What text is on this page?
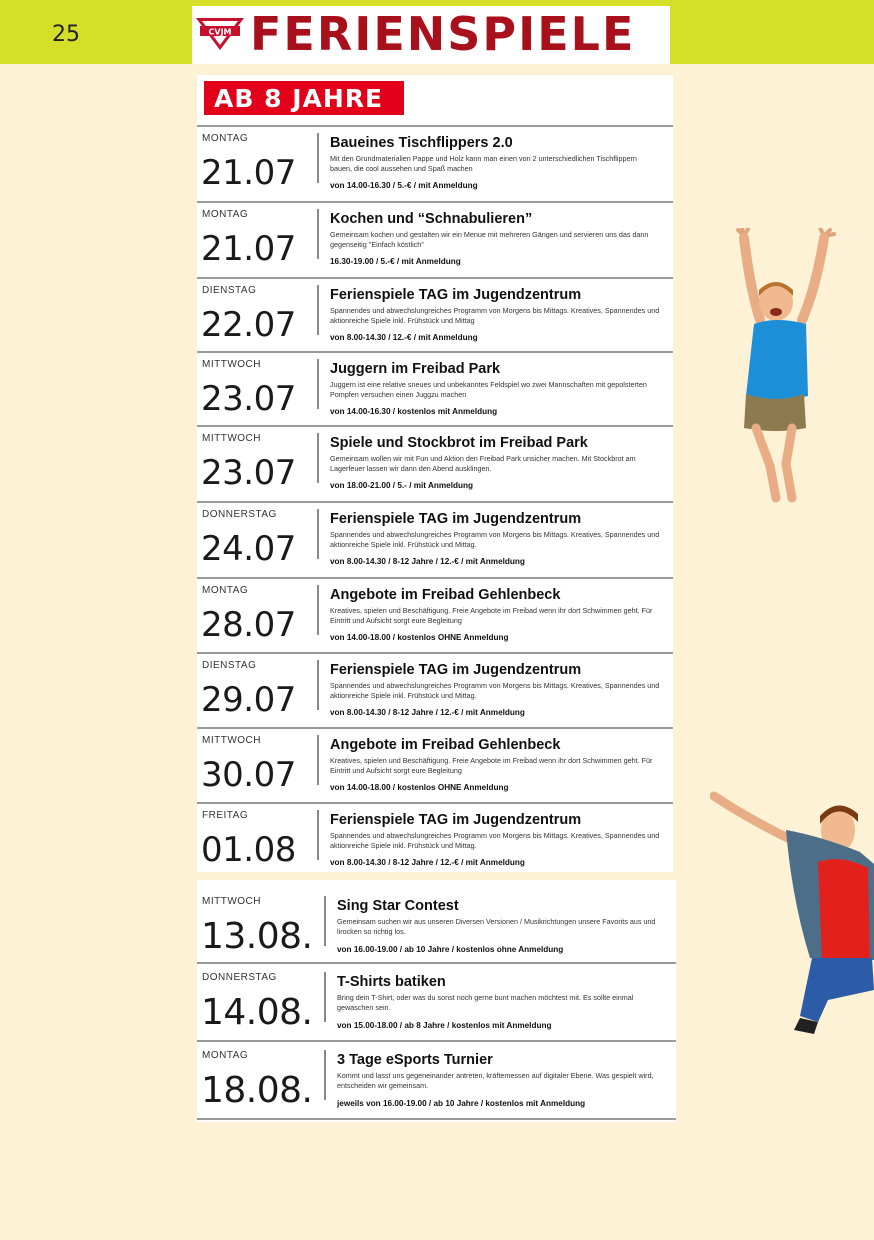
25	CVJM FERIENSPIELE
AB 8 JAHRE
MONTAG
21.07
Baueines Tischflippers 2.0
Mit den Grundmaterialien Pappe und Holz kann man einen von 2 unterschiedlichen Tischflippern bauen, die cool aussehen und Spaß machen
von 14.00-16.30 / 5.-€ / mit Anmeldung
MONTAG
21.07
Kochen und “Schnabulieren”
Gemeinsam kochen und gestalten wir ein Menue mit mehreren Gängen und servieren uns das dann gegenseitig "Einfach köstlich"
16.30-19.00 / 5.-€ / mit Anmeldung
DIENSTAG
22.07
Ferienspiele TAG im Jugendzentrum
Spannendes und abwechslungreiches Programm von Morgens bis Mittags. Kreatives, Spannendes und aktionreiche Spiele inkl. Frühstück und Mittag
von 8.00-14.30 / 12.-€ / mit Anmeldung
MITTWOCH
23.07
Juggern im Freibad Park
Juggern ist eine relative sneues und unbekanntes Feldspiel wo zwei Mannschaften mit gepolsterten Pompfen versuchen einen Juggzu machen
von 14.00-16.30 / kostenlos mit Anmeldung
MITTWOCH
23.07
Spiele und Stockbrot im Freibad Park
Gemeinsam wollen wir mit Fun und Aktion den Freibad Park unsicher machen. Mit Stockbrot am Lagerfeuer lassen wir dann den Abend ausklingen.
von 18.00-21.00 / 5.- / mit Anmeldung
DONNERSTAG
24.07
Ferienspiele TAG im Jugendzentrum
Spannendes und abwechslungreiches Programm von Morgens bis Mittags. Kreatives, Spannendes und aktionreiche Spiele inkl. Frühstück und Mittag.
von 8.00-14.30 / 8-12 Jahre / 12.-€ / mit Anmeldung
MONTAG
28.07
Angebote im Freibad Gehlenbeck
Kreatives, spielen und Beschäftigung. Freie Angebote im Freibad wenn ihr dort Schwimmen geht. Für Eintritt und Aufsicht sorgt eure Begleitung
von 14.00-18.00 / kostenlos OHNE Anmeldung
DIENSTAG
29.07
Ferienspiele TAG im Jugendzentrum
Spannendes und abwechslungreiches Programm von Morgens bis Mittags. Kreatives, Spannendes und aktionreiche Spiele inkl. Frühstück und Mittag.
von 8.00-14.30 / 8-12 Jahre / 12.-€ / mit Anmeldung
MITTWOCH
30.07
Angebote im Freibad Gehlenbeck
Kreatives, spielen und Beschäftigung. Freie Angebote im Freibad wenn ihr dort Schwimmen geht. Für Eintritt und Aufsicht sorgt eure Begleitung
von 14.00-18.00 / kostenlos OHNE Anmeldung
FREITAG
01.08
Ferienspiele TAG im Jugendzentrum
Spannendes und abwechslungreiches Programm von Morgens bis Mittags. Kreatives, Spannendes und aktionreiche Spiele inkl. Frühstück und Mittag.
von 8.00-14.30 / 8-12 Jahre / 12.-€ / mit Anmeldung
MITTWOCH
13.08.
Sing Star Contest
Gemeinsam suchen wir aus unseren Diversen Versionen / Musikrichtungen unsere Favorits aus und lirocken so richtig los.
von 16.00-19.00 / ab 10 Jahre / kostenlos ohne Anmeldung
DONNERSTAG
14.08.
T-Shirts batiken
Bring dein T-Shirt, oder was du sonst noch gerne bunt machen möchtest mit. Es sollte einmal gewaschen sein.
von 15.00-18.00 / ab 8 Jahre / kostenlos mit Anmeldung
MONTAG
18.08.
3 Tage eSports Turnier
Kommt und lasst uns gegeneinander antreten, kräftemessen auf digitaler Ebene. Was gespielt wird, entscheiden wir gemeinsam.
jeweils von 16.00-19.00 / ab 10 Jahre / kostenlos mit Anmeldung
